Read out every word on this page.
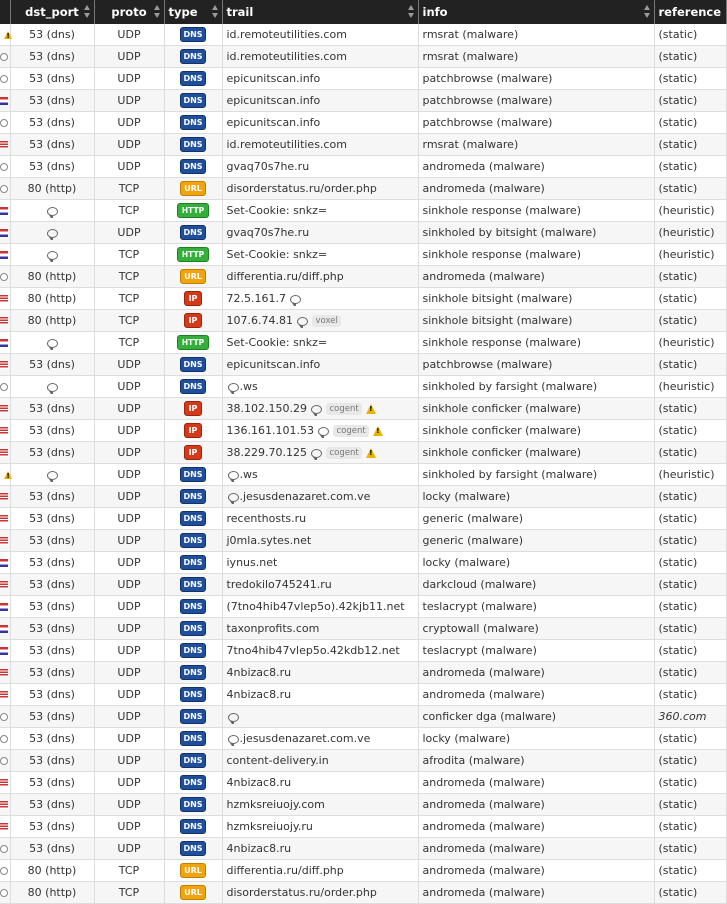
	dst_port	proto	type	trail	info	reference
!	53 (dns)	UDP	DNS	id.remoteutilities.com	rmsrat (malware)	(static)
	53 (dns)	UDP	DNS	id.remoteutilities.com	rmsrat (malware)	(static)
	53 (dns)	UDP	DNS	epicunitscan.info	patchbrowse (malware)	(static)
	53 (dns)	UDP	DNS	epicunitscan.info	patchbrowse (malware)	(static)
	53 (dns)	UDP	DNS	epicunitscan.info	patchbrowse (malware)	(static)
	53 (dns)	UDP	DNS	id.remoteutilities.com	rmsrat (malware)	(static)
	53 (dns)	UDP	DNS	gvaq70s7he.ru	andromeda (malware)	(static)
	80 (http)	TCP	URL	disorderstatus.ru/order.php	andromeda (malware)	(static)
		TCP	HTTP	Set-Cookie: snkz=	sinkhole response (malware)	(heuristic)
		UDP	DNS	gvaq70s7he.ru	sinkholed by bitsight (malware)	(heuristic)
		TCP	HTTP	Set-Cookie: snkz=	sinkhole response (malware)	(heuristic)
	80 (http)	TCP	URL	differentia.ru/diff.php	andromeda (malware)	(static)
	80 (http)	TCP	IP	72.5.161.7	sinkhole bitsight (malware)	(static)
	80 (http)	TCP	IP	107.6.74.81 voxel	sinkhole bitsight (malware)	(static)
		TCP	HTTP	Set-Cookie: snkz=	sinkhole response (malware)	(heuristic)
	53 (dns)	UDP	DNS	epicunitscan.info	patchbrowse (malware)	(static)
		UDP	DNS	.ws	sinkholed by farsight (malware)	(heuristic)
	53 (dns)	UDP	IP	38.102.150.29 cogent!	sinkhole conficker (malware)	(static)
	53 (dns)	UDP	IP	136.161.101.53 cogent!	sinkhole conficker (malware)	(static)
	53 (dns)	UDP	IP	38.229.70.125 cogent!	sinkhole conficker (malware)	(static)
!		UDP	DNS	.ws	sinkholed by farsight (malware)	(heuristic)
	53 (dns)	UDP	DNS	.jesusdenazaret.com.ve	locky (malware)	(static)
	53 (dns)	UDP	DNS	recenthosts.ru	generic (malware)	(static)
	53 (dns)	UDP	DNS	j0mla.sytes.net	generic (malware)	(static)
	53 (dns)	UDP	DNS	iynus.net	locky (malware)	(static)
	53 (dns)	UDP	DNS	tredokilo745241.ru	darkcloud (malware)	(static)
	53 (dns)	UDP	DNS	(7tno4hib47vlep5o).42kjb11.net	teslacrypt (malware)	(static)
	53 (dns)	UDP	DNS	taxonprofits.com	cryptowall (malware)	(static)
	53 (dns)	UDP	DNS	7tno4hib47vlep5o.42kdb12.net	teslacrypt (malware)	(static)
	53 (dns)	UDP	DNS	4nbizac8.ru	andromeda (malware)	(static)
	53 (dns)	UDP	DNS	4nbizac8.ru	andromeda (malware)	(static)
	53 (dns)	UDP	DNS		conficker dga (malware)	360.com
	53 (dns)	UDP	DNS	.jesusdenazaret.com.ve	locky (malware)	(static)
	53 (dns)	UDP	DNS	content-delivery.in	afrodita (malware)	(static)
	53 (dns)	UDP	DNS	4nbizac8.ru	andromeda (malware)	(static)
	53 (dns)	UDP	DNS	hzmksreiuojy.com	andromeda (malware)	(static)
	53 (dns)	UDP	DNS	hzmksreiuojy.ru	andromeda (malware)	(static)
	53 (dns)	UDP	DNS	4nbizac8.ru	andromeda (malware)	(static)
	80 (http)	TCP	URL	differentia.ru/diff.php	andromeda (malware)	(static)
	80 (http)	TCP	URL	disorderstatus.ru/order.php	andromeda (malware)	(static)
